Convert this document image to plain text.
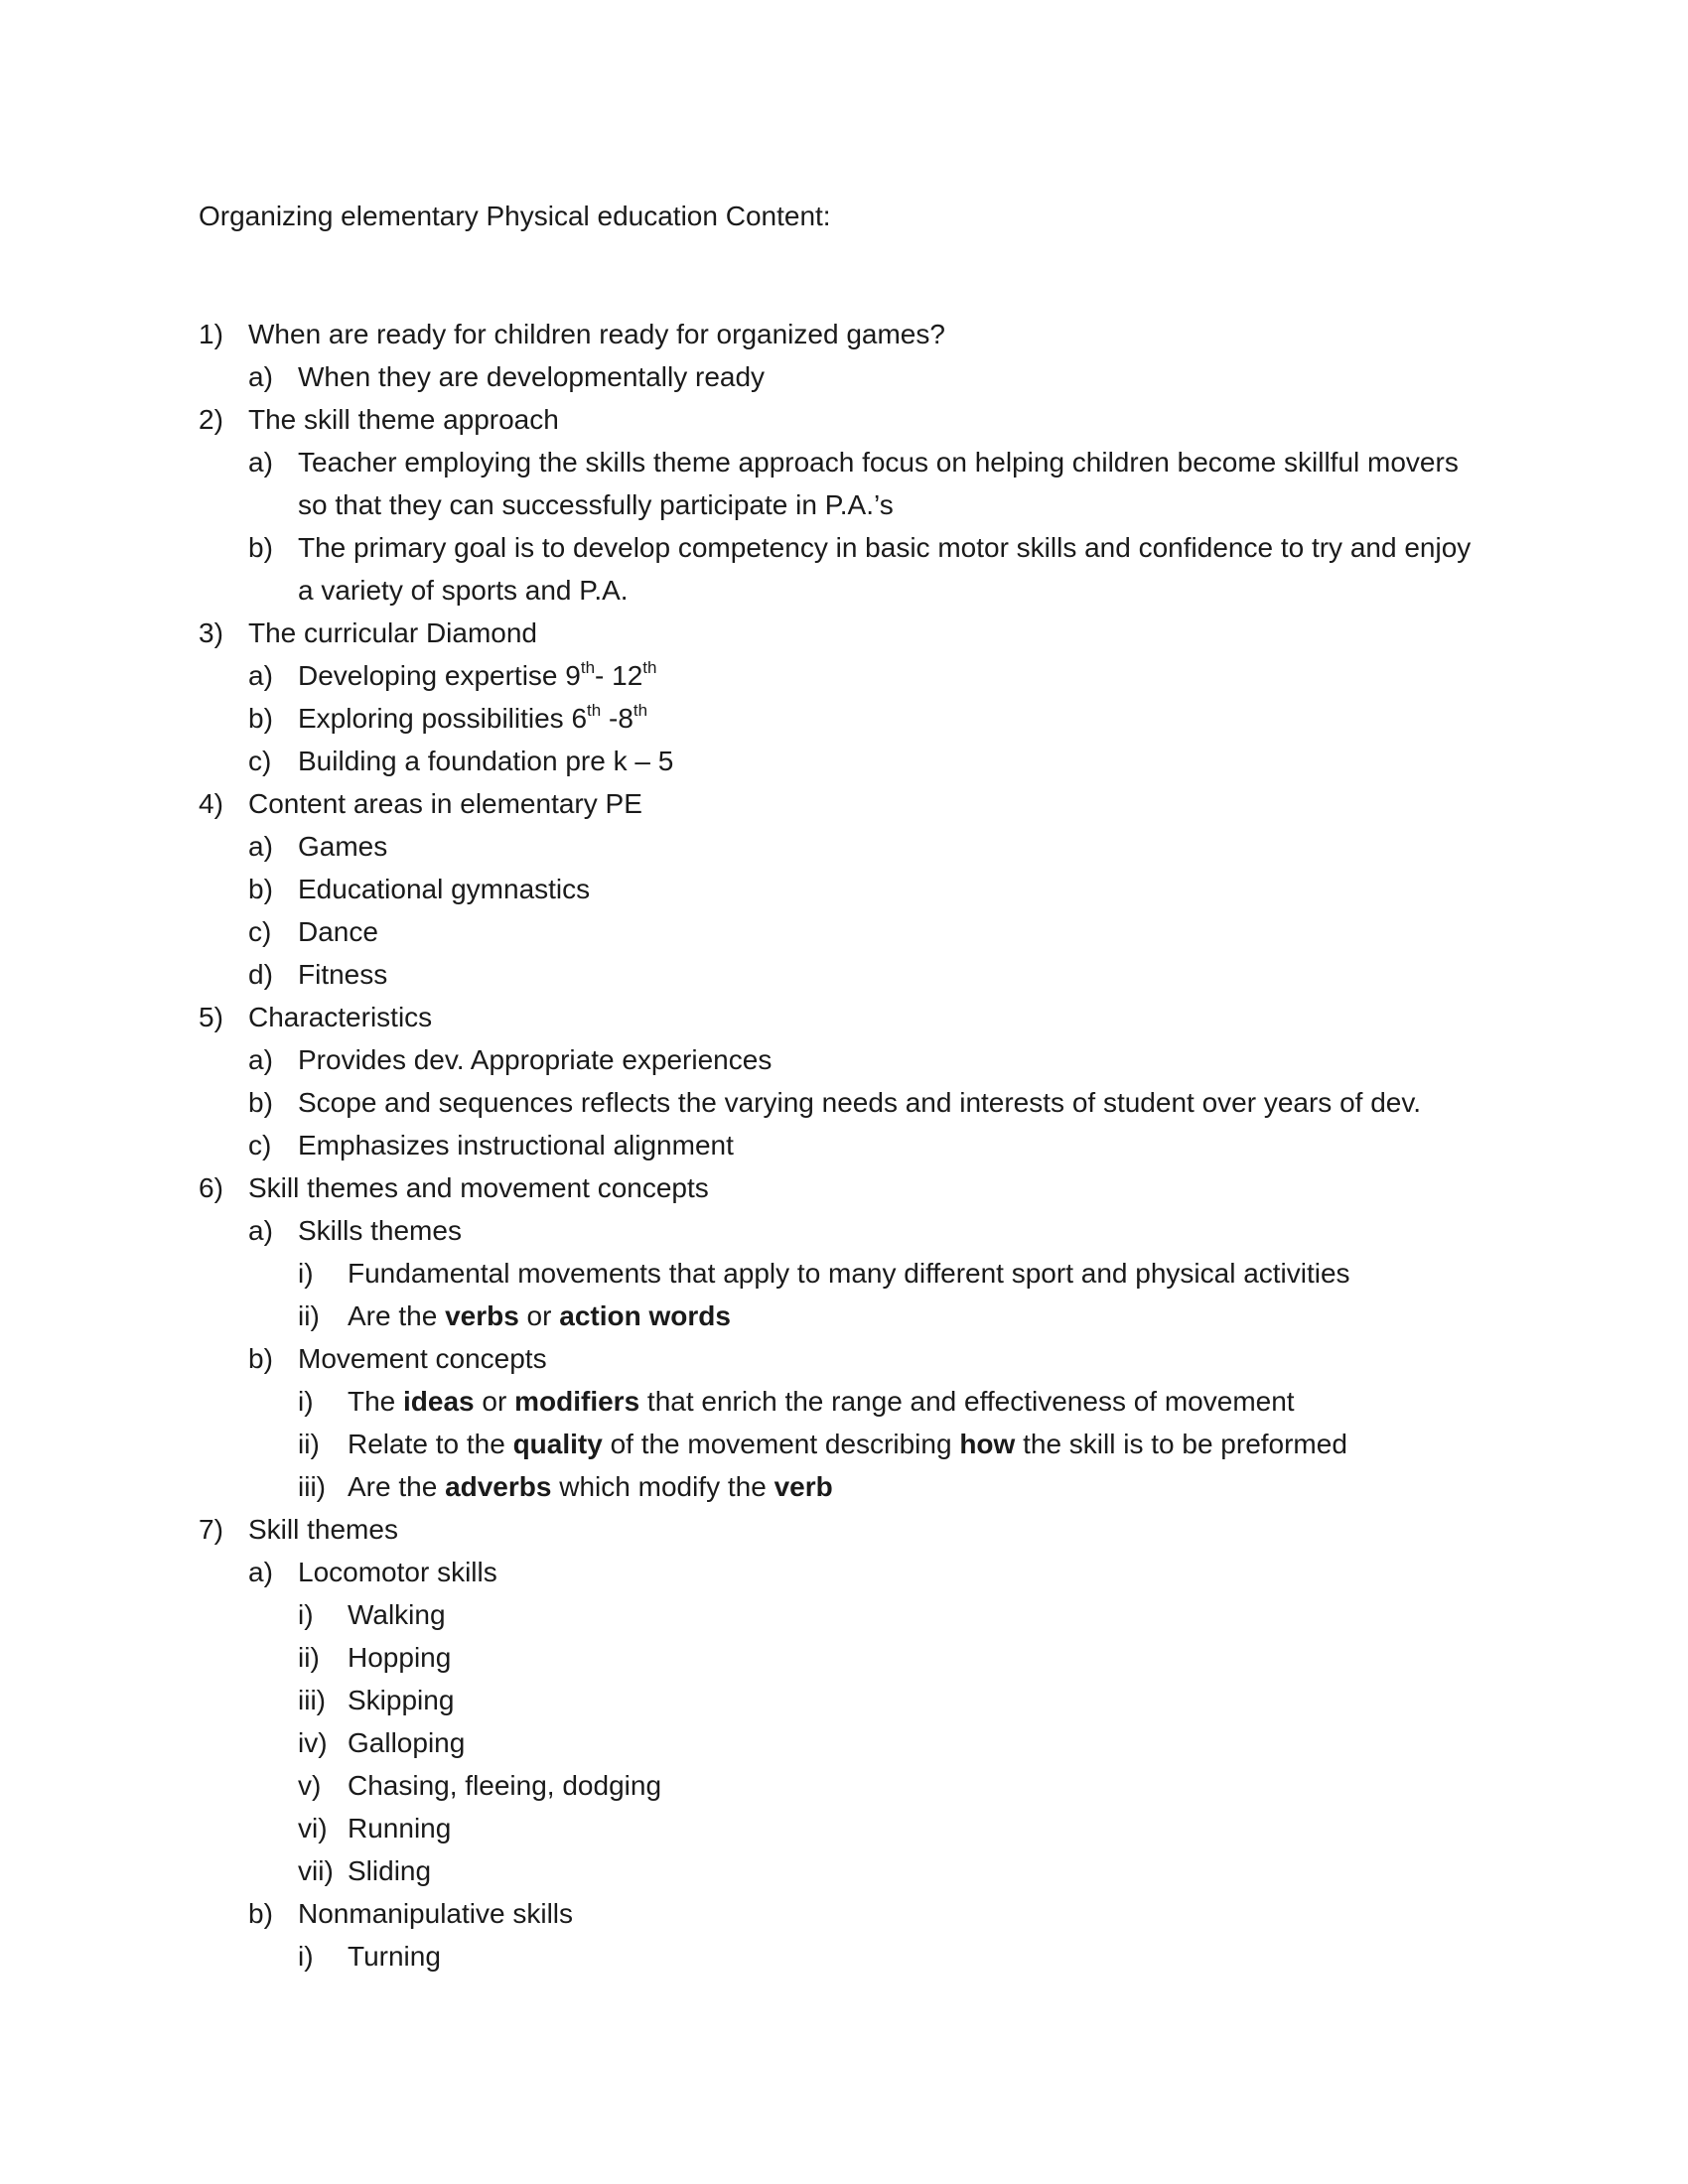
Organizing elementary Physical education Content:
1) When are ready for children ready for organized games?
a) When they are developmentally ready
2) The skill theme approach
a) Teacher employing the skills theme approach focus on helping children become skillful movers so that they can successfully participate in P.A.’s
b) The primary goal is to develop competency in basic motor skills and confidence to try and enjoy a variety of sports and P.A.
3) The curricular Diamond
a) Developing expertise 9th- 12th
b) Exploring possibilities 6th -8th
c) Building a foundation pre k – 5
4) Content areas in elementary PE
a) Games
b) Educational gymnastics
c) Dance
d) Fitness
5) Characteristics
a) Provides dev. Appropriate experiences
b) Scope and sequences reflects the varying needs and interests of student over years of dev.
c) Emphasizes instructional alignment
6) Skill themes and movement concepts
a) Skills themes
i) Fundamental movements that apply to many different sport and physical activities
ii) Are the verbs or action words
b) Movement concepts
i) The ideas or modifiers that enrich the range and effectiveness of movement
ii) Relate to the quality of the movement describing how the skill is to be preformed
iii) Are the adverbs which modify the verb
7) Skill themes
a) Locomotor skills
i) Walking
ii) Hopping
iii) Skipping
iv) Galloping
v) Chasing, fleeing, dodging
vi) Running
vii) Sliding
b) Nonmanipulative skills
i) Turning
